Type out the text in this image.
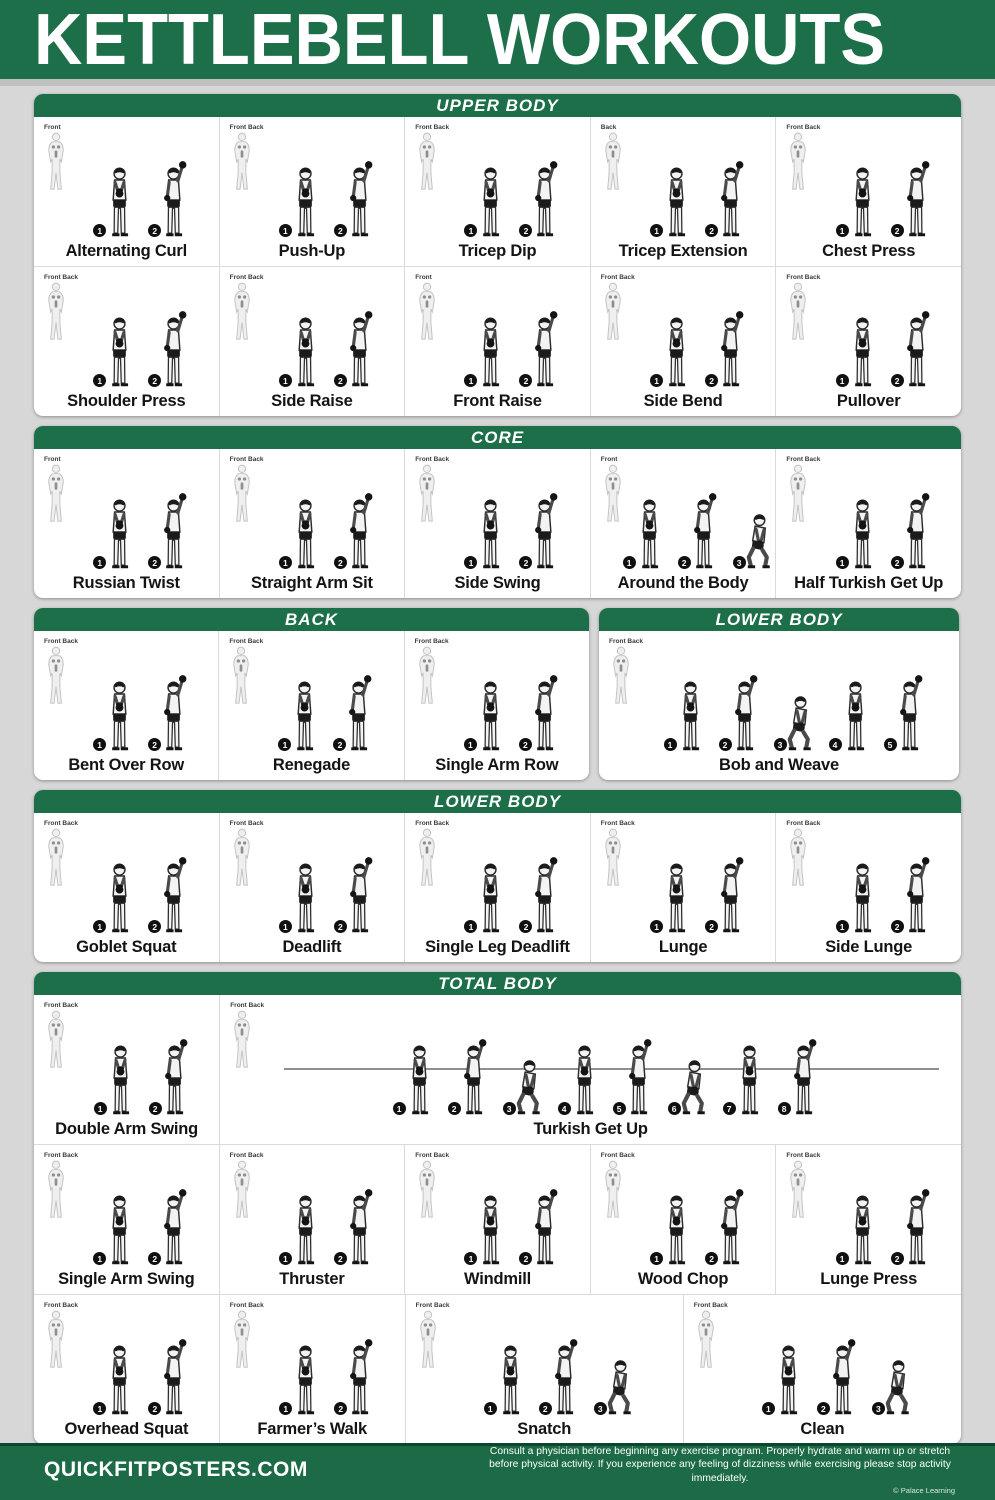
KETTLEBELL WORKOUTS
UPPER BODY
Front
1	2
Alternating Curl
Front Back
1	2
Push-Up
Front Back
1	2
Tricep Dip
Back
1	2
Tricep Extension
Front Back
1	2
Chest Press
Front Back
1	2
Shoulder Press
Front Back
1	2
Side Raise
Front
1	2
Front Raise
Front Back
1	2
Side Bend
Front Back
1	2
Pullover
CORE
Front
1	2
Russian Twist
Front Back
1	2
Straight Arm Sit
Front Back
1	2
Side Swing
Front
1	2	3
Around the Body
Front Back
1	2
Half Turkish Get Up
BACK
Front Back
1	2
Bent Over Row
Front Back
1	2
Renegade
Front Back
1	2
Single Arm Row
LOWER BODY
Front Back
1	2	3	4	5
Bob and Weave
LOWER BODY
Front Back
1	2
Goblet Squat
Front Back
1	2
Deadlift
Front Back
1	2
Single Leg Deadlift
Front Back
1	2
Lunge
Front Back
1	2
Side Lunge
TOTAL BODY
Front Back
1	2
Double Arm Swing
Front Back
1	2	3	4	5	6	7	8
Turkish Get Up
Front Back
1	2
Single Arm Swing
Front Back
1	2
Thruster
Front Back
1	2
Windmill
Front Back
1	2
Wood Chop
Front Back
1	2
Lunge Press
Front Back
1	2
Overhead Squat
Front Back
1	2
Farmer’s Walk
Front Back
1	2	3
Snatch
Front Back
1	2	3
Clean
QUICKFITPOSTERS.COM
Consult a physician before beginning any exercise program. Properly hydrate and warm up or stretch before physical activity. If you experience any feeling of dizziness while exercising please stop activity immediately.
© Palace Learning
